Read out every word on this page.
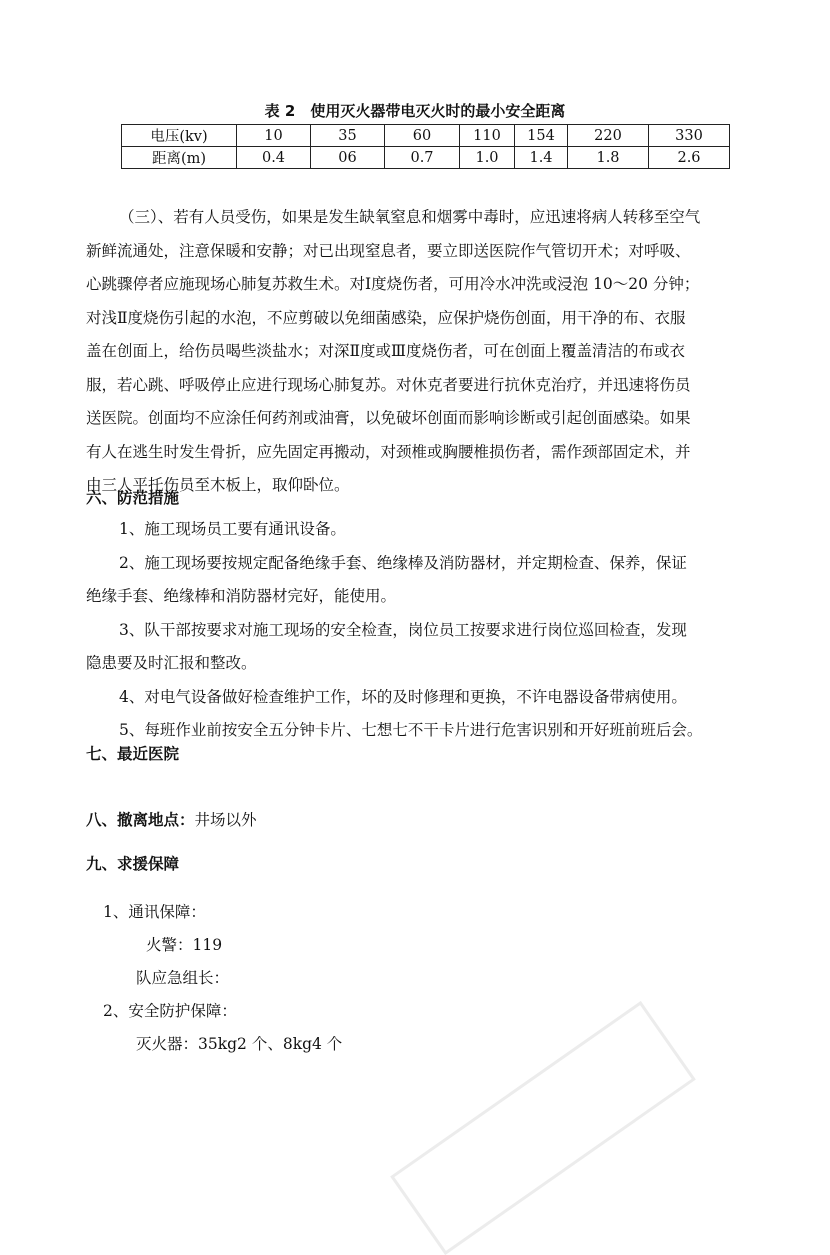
表 2　使用灭火器带电灭火时的最小安全距离
电压(kv)	10	35	60	110	154	220	330
距离(m)	0.4	06	0.7	1.0	1.4	1.8	2.6
（三）、若有人员受伤，如果是发生缺氧窒息和烟雾中毒时，应迅速将病人转移至空气
新鲜流通处，注意保暖和安静；对已出现窒息者，要立即送医院作气管切开术；对呼吸、
心跳骤停者应施现场心肺复苏救生术。对Ⅰ度烧伤者，可用冷水冲洗或浸泡 10～20 分钟；
对浅Ⅱ度烧伤引起的水泡，不应剪破以免细菌感染，应保护烧伤创面，用干净的布、衣服
盖在创面上，给伤员喝些淡盐水；对深Ⅱ度或Ⅲ度烧伤者，可在创面上覆盖清洁的布或衣
服，若心跳、呼吸停止应进行现场心肺复苏。对休克者要进行抗休克治疗，并迅速将伤员
送医院。创面均不应涂任何药剂或油膏，以免破坏创面而影响诊断或引起创面感染。如果
有人在逃生时发生骨折，应先固定再搬动，对颈椎或胸腰椎损伤者，需作颈部固定术，并
由三人平托伤员至木板上，取仰卧位。
六、防范措施
1、施工现场员工要有通讯设备。
2、施工现场要按规定配备绝缘手套、绝缘棒及消防器材，并定期检查、保养，保证
绝缘手套、绝缘棒和消防器材完好，能使用。
3、队干部按要求对施工现场的安全检查，岗位员工按要求进行岗位巡回检查，发现
隐患要及时汇报和整改。
4、对电气设备做好检查维护工作，坏的及时修理和更换，不许电器设备带病使用。
5、每班作业前按安全五分钟卡片、七想七不干卡片进行危害识别和开好班前班后会。
七、最近医院
八、撤离地点：井场以外
九、求援保障
1、通讯保障：
火警：119
队应急组长：
2、安全防护保障：
灭火器：35kg2 个、8kg4 个
